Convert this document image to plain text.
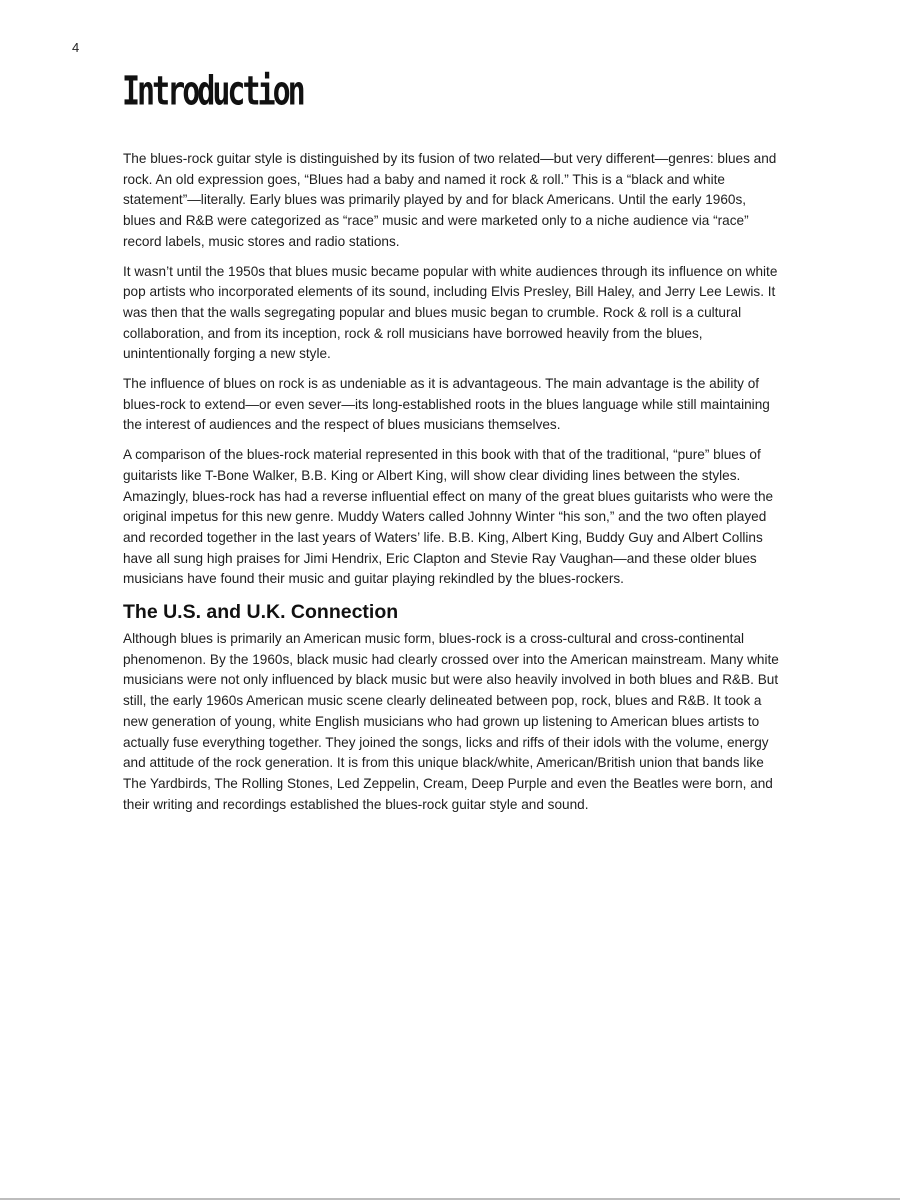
4
Introduction

The blues-rock guitar style is distinguished by its fusion of two related—but very different—genres: blues and rock. An old expression goes, “Blues had a baby and named it rock & roll.” This is a “black and white statement”—literally. Early blues was primarily played by and for black Americans. Until the early 1960s, blues and R&B were categorized as “race” music and were marketed only to a niche audience via “race” record labels, music stores and radio stations.

It wasn’t until the 1950s that blues music became popular with white audiences through its influence on white pop artists who incorporated elements of its sound, including Elvis Presley, Bill Haley, and Jerry Lee Lewis. It was then that the walls segregating popular and blues music began to crumble. Rock & roll is a cultural collaboration, and from its inception, rock & roll musicians have borrowed heavily from the blues, unintentionally forging a new style.

The influence of blues on rock is as undeniable as it is advantageous. The main advantage is the ability of blues-rock to extend—or even sever—its long-established roots in the blues language while still maintaining the interest of audiences and the respect of blues musicians themselves.

A comparison of the blues-rock material represented in this book with that of the traditional, “pure” blues of guitarists like T-Bone Walker, B.B. King or Albert King, will show clear dividing lines between the styles. Amazingly, blues-rock has had a reverse influential effect on many of the great blues guitarists who were the original impetus for this new genre. Muddy Waters called Johnny Winter “his son,” and the two often played and recorded together in the last years of Waters’ life. B.B. King, Albert King, Buddy Guy and Albert Collins have all sung high praises for Jimi Hendrix, Eric Clapton and Stevie Ray Vaughan—and these older blues musicians have found their music and guitar playing rekindled by the blues-rockers.

The U.S. and U.K. Connection

Although blues is primarily an American music form, blues-rock is a cross-cultural and cross-continental phenomenon. By the 1960s, black music had clearly crossed over into the American mainstream. Many white musicians were not only influenced by black music but were also heavily involved in both blues and R&B. But still, the early 1960s American music scene clearly delineated between pop, rock, blues and R&B. It took a new generation of young, white English musicians who had grown up listening to American blues artists to actually fuse everything together. They joined the songs, licks and riffs of their idols with the volume, energy and attitude of the rock generation. It is from this unique black/white, American/British union that bands like The Yardbirds, The Rolling Stones, Led Zeppelin, Cream, Deep Purple and even the Beatles were born, and their writing and recordings established the blues-rock guitar style and sound.
